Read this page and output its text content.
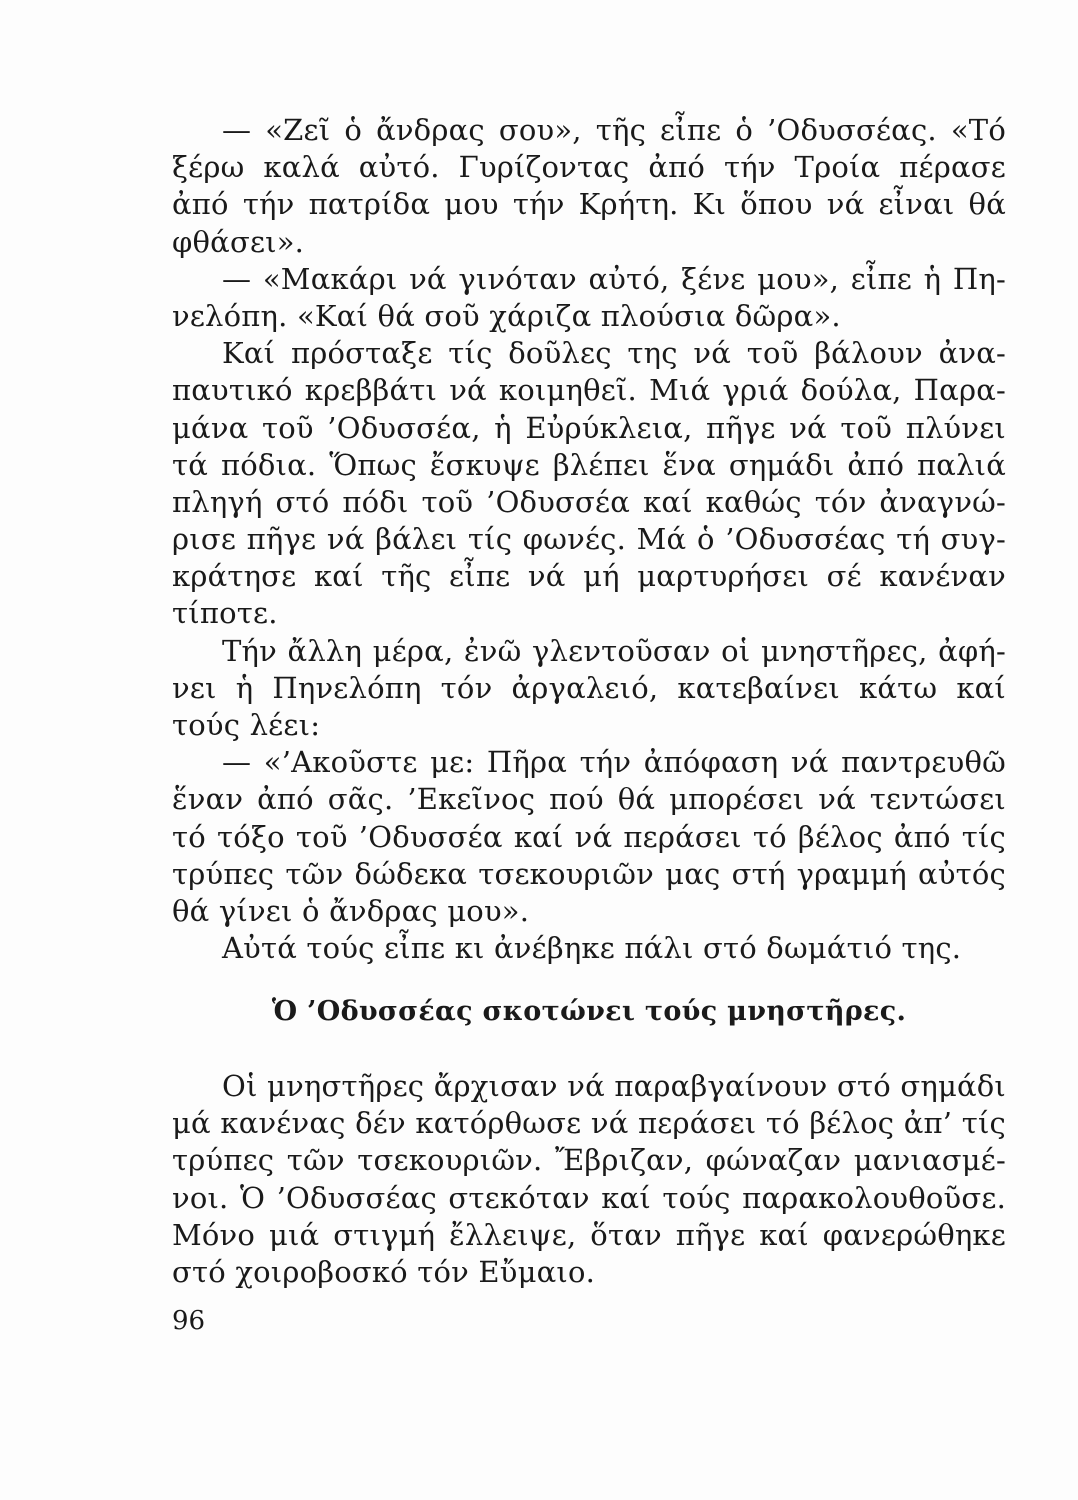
— «Ζεῖ ὁ ἄνδρας σου», τῆς εἶπε ὁ ’Οδυσσέας. «Τό
ξέρω καλά αὐτό. Γυρίζοντας ἀπό τήν Τροία πέρασε
ἀπό τήν πατρίδα μου τήν Κρήτη. Κι ὅπου νά εἶναι θά
φθάσει».
— «Μακάρι νά γινόταν αὐτό, ξένε μου», εἶπε ἡ Πη-
νελόπη. «Καί θά σοῦ χάριζα πλούσια δῶρα».
Καί πρόσταξε τίς δοῦλες της νά τοῦ βάλουν ἀνα-
παυτικό κρεββάτι νά κοιμηθεῖ. Μιά γριά δούλα, Παρα-
μάνα τοῦ ’Οδυσσέα, ἡ Εὐρύκλεια, πῆγε νά τοῦ πλύνει
τά πόδια. Ὅπως ἔσκυψε βλέπει ἕνα σημάδι ἀπό παλιά
πληγή στό πόδι τοῦ ’Οδυσσέα καί καθώς τόν ἀναγνώ-
ρισε πῆγε νά βάλει τίς φωνές. Μά ὁ ’Οδυσσέας τή συγ-
κράτησε καί τῆς εἶπε νά μή μαρτυρήσει σέ κανέναν
τίποτε.
Τήν ἄλλη μέρα, ἐνῶ γλεντοῦσαν οἱ μνηστῆρες, ἀφή-
νει ἡ Πηνελόπη τόν ἀργαλειό, κατεβαίνει κάτω καί
τούς λέει:
— «’Ακοῦστε με: Πῆρα τήν ἀπόφαση νά παντρευθῶ
ἕναν ἀπό σᾶς. ’Εκεῖνος πού θά μπορέσει νά τεντώσει
τό τόξο τοῦ ’Οδυσσέα καί νά περάσει τό βέλος ἀπό τίς
τρύπες τῶν δώδεκα τσεκουριῶν μας στή γραμμή αὐτός
θά γίνει ὁ ἄνδρας μου».
Αὐτά τούς εἶπε κι ἀνέβηκε πάλι στό δωμάτιό της.
Ὁ ’Οδυσσέας σκοτώνει τούς μνηστῆρες.
Οἱ μνηστῆρες ἄρχισαν νά παραβγαίνουν στό σημάδι
μά κανένας δέν κατόρθωσε νά περάσει τό βέλος ἀπ’ τίς
τρύπες τῶν τσεκουριῶν. Ἔβριζαν, φώναζαν μανιασμέ-
νοι. Ὁ ’Οδυσσέας στεκόταν καί τούς παρακολουθοῦσε.
Μόνο μιά στιγμή ἔλλειψε, ὅταν πῆγε καί φανερώθηκε
στό χοιροβοσκό τόν Εὔμαιο.
96
